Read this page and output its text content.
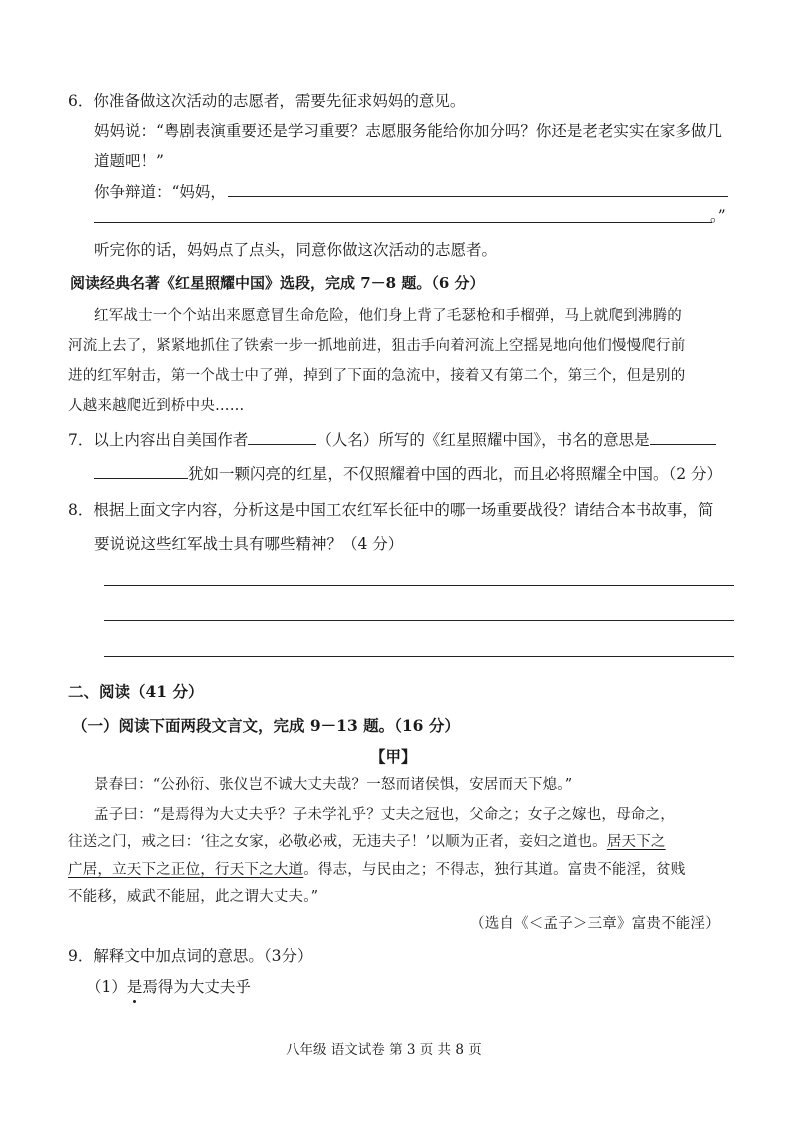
6．你准备做这次活动的志愿者，需要先征求妈妈的意见。
妈妈说：“粤剧表演重要还是学习重要？志愿服务能给你加分吗？你还是老老实实在家多做几
道题吧！”
你争辩道：“妈妈，
。”
听完你的话，妈妈点了点头，同意你做这次活动的志愿者。
阅读经典名著《红星照耀中国》选段，完成 7－8 题。（6 分）
红军战士一个个站出来愿意冒生命危险，他们身上背了毛瑟枪和手榴弹，马上就爬到沸腾的
河流上去了，紧紧地抓住了铁索一步一抓地前进，狙击手向着河流上空摇晃地向他们慢慢爬行前
进的红军射击，第一个战士中了弹，掉到了下面的急流中，接着又有第二个，第三个，但是别的
人越来越爬近到桥中央……
7．以上内容出自美国作者	（人名）所写的《红星照耀中国》，书名的意思是
犹如一颗闪亮的红星，不仅照耀着中国的西北，而且必将照耀全中国。（2 分）
8．根据上面文字内容，分析这是中国工农红军长征中的哪一场重要战役？请结合本书故事，简
要说说这些红军战士具有哪些精神？（4 分）
二、阅读（41 分）
（一）阅读下面两段文言文，完成 9－13 题。（16 分）
【甲】
景春曰：“公孙衍、张仪岂不诚大丈夫哉？一怒而诸侯惧，安居而天下熄。”
孟子曰：“是焉得为大丈夫乎？子未学礼乎？丈夫之冠也，父命之；女子之嫁也，母命之，
往送之门，戒之曰：‘往之女家，必敬必戒，无违夫子！’以顺为正者，妾妇之道也。居天下之
广居，立天下之正位，行天下之大道。得志，与民由之；不得志，独行其道。富贵不能淫，贫贱
不能移，威武不能屈，此之谓大丈夫。”
（选自《＜孟子＞三章》富贵不能淫）
9．解释文中加点词的意思。（3分）
（1）是焉得为大丈夫乎
八年级 语文试卷 第 3 页 共 8 页
